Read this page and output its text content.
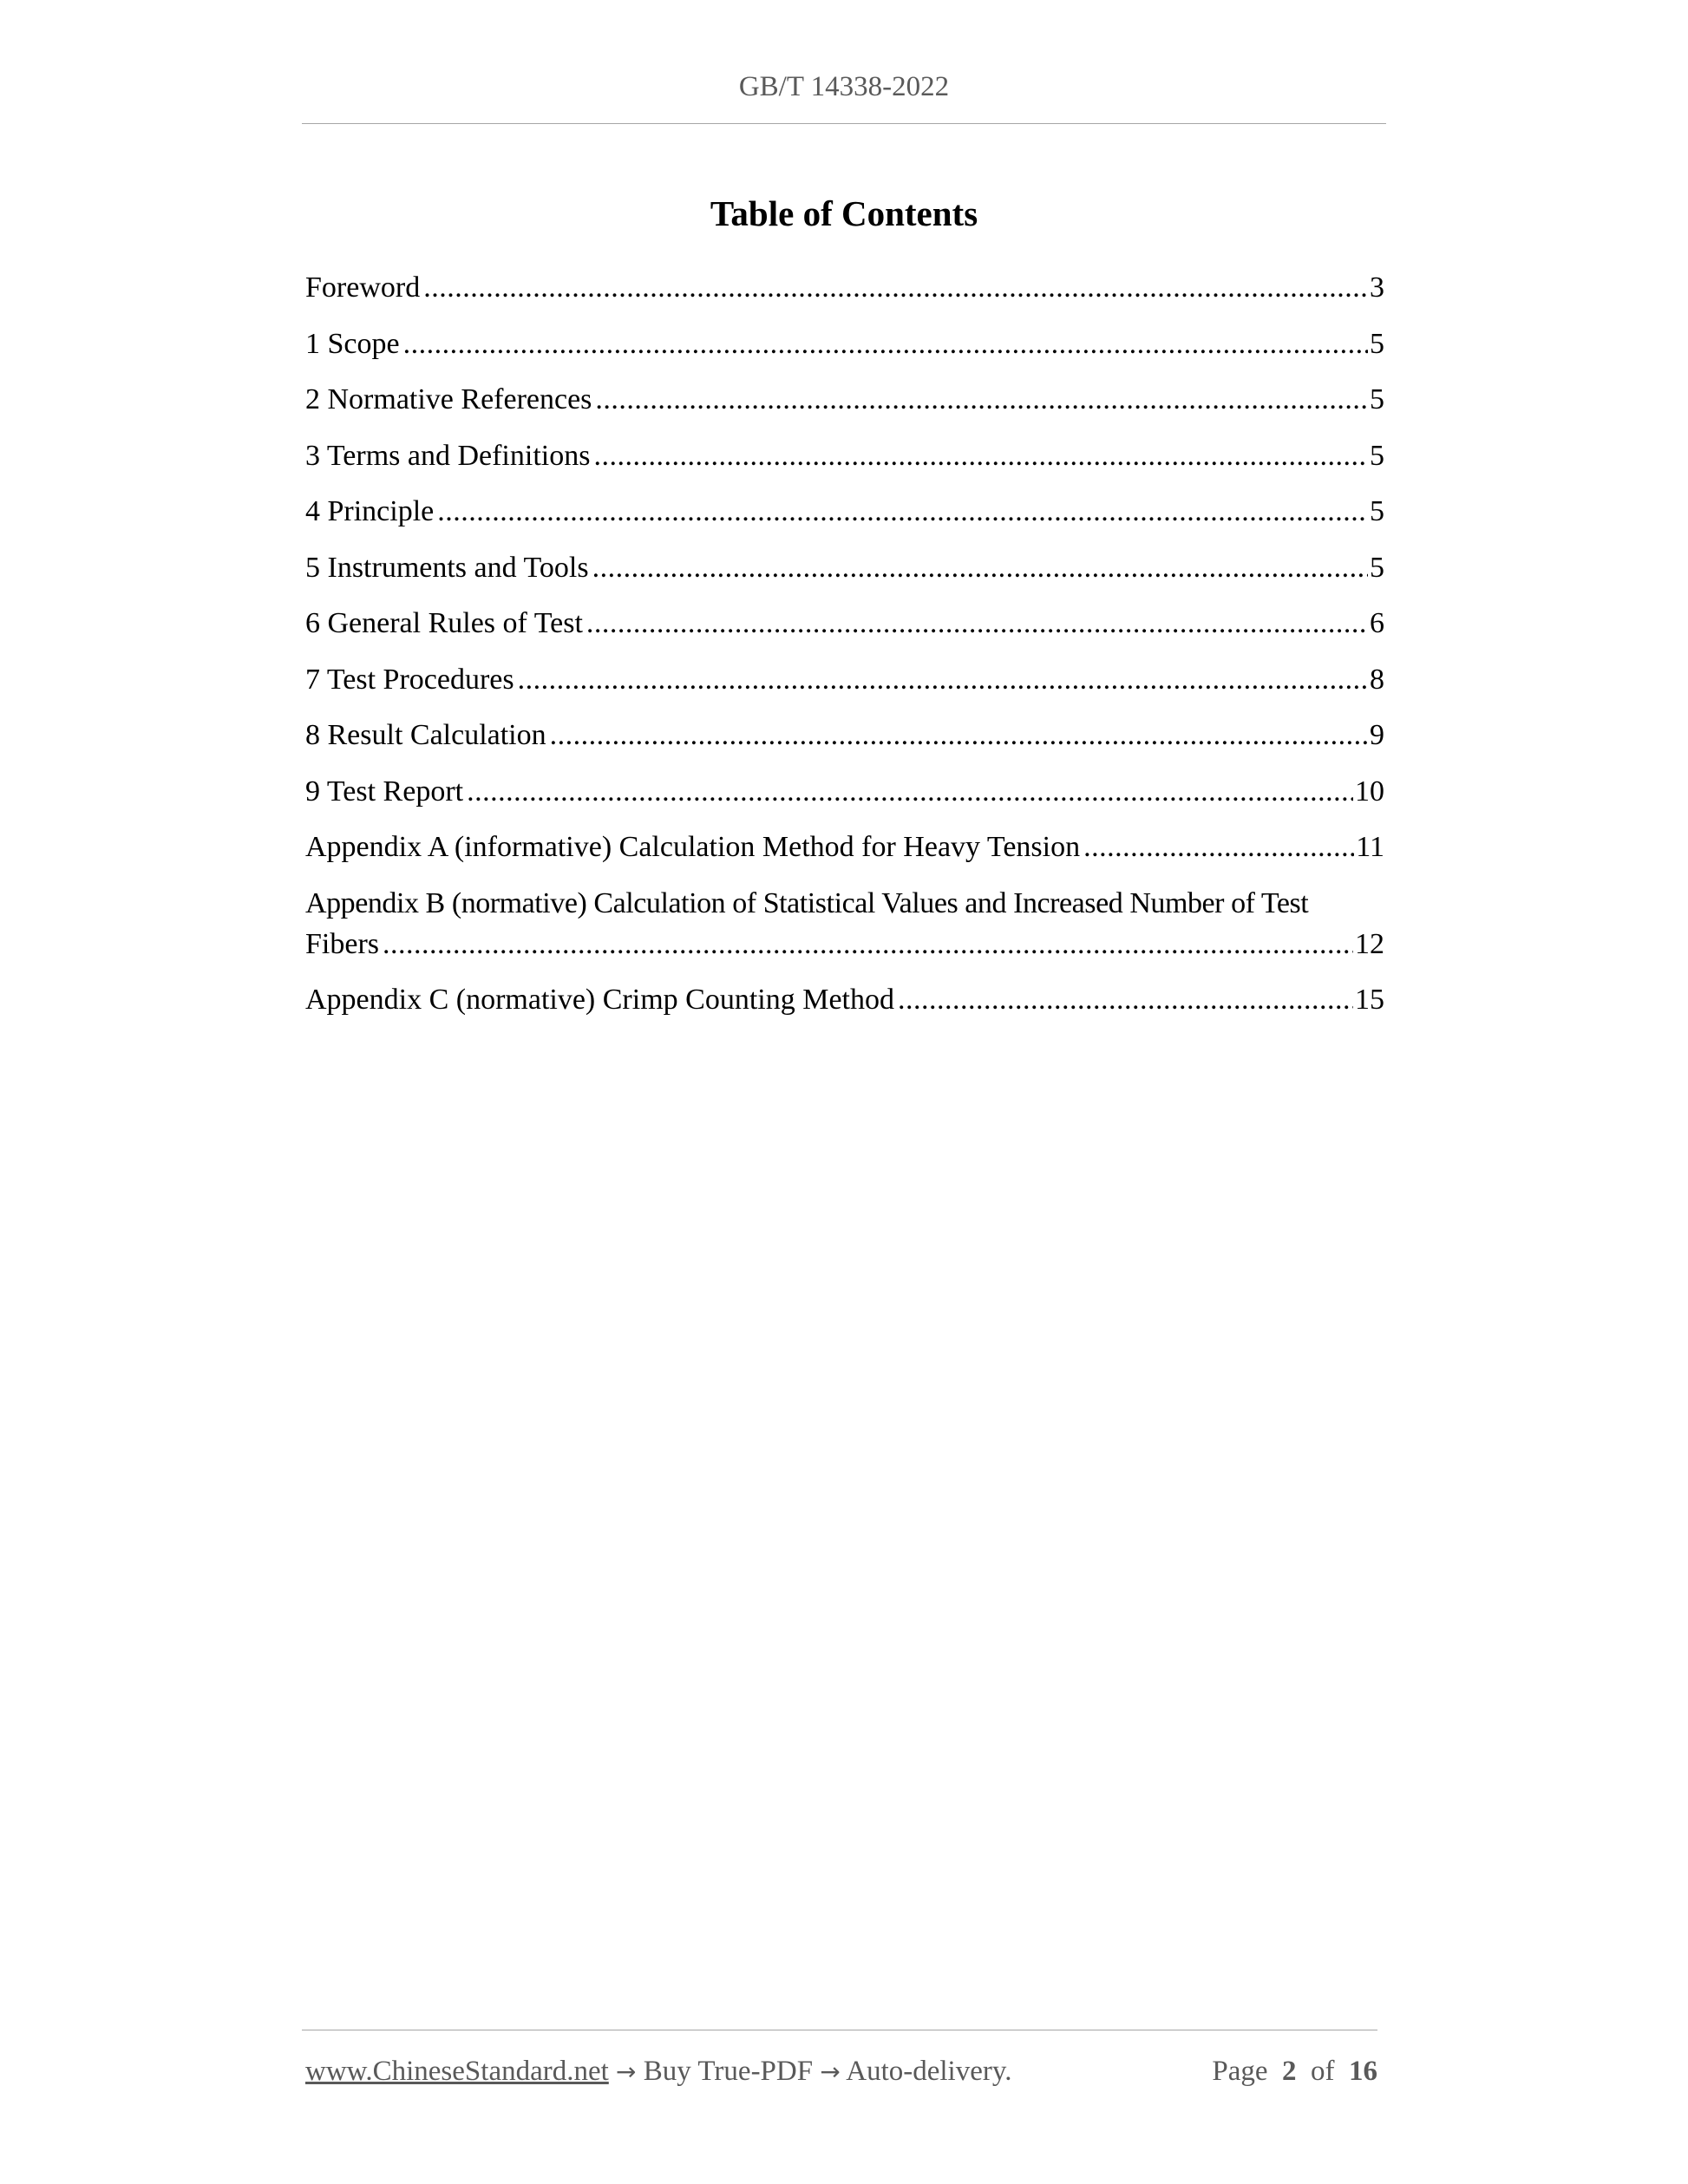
GB/T 14338-2022
Table of Contents
Foreword .....	3
1 Scope .....	5
2 Normative References .....	5
3 Terms and Definitions .....	5
4 Principle .....	5
5 Instruments and Tools .....	5
6 General Rules of Test .....	6
7 Test Procedures .....	8
8 Result Calculation .....	9
9 Test Report .....	10
Appendix A (informative) Calculation Method for Heavy Tension .....	11
Appendix B (normative) Calculation of Statistical Values and Increased Number of Test
Fibers .....	12
Appendix C (normative) Crimp Counting Method .....	15
www.ChineseStandard.net → Buy True-PDF → Auto-delivery.	Page 2 of 16
